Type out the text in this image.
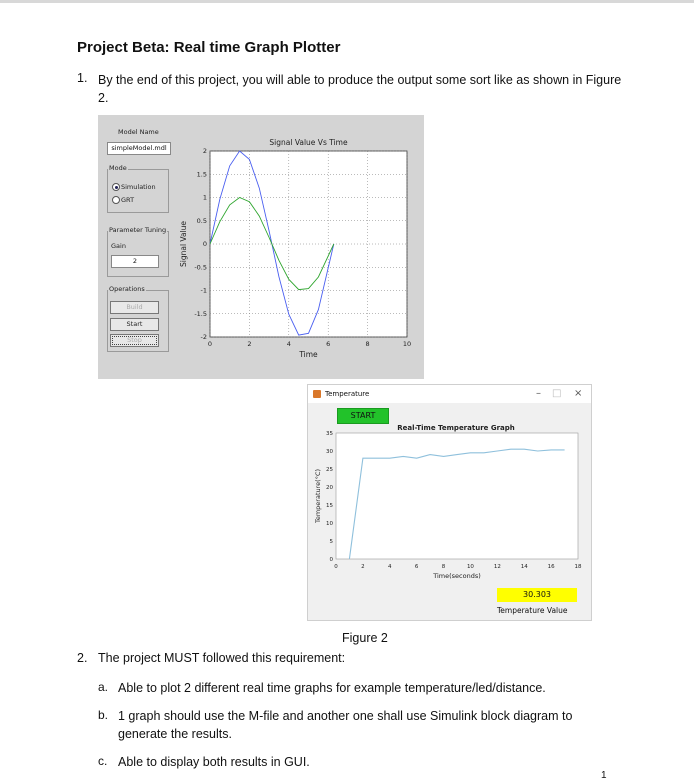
Project Beta: Real time Graph Plotter
1. By the end of this project, you will able to produce the output some sort like as shown in Figure 2.
Model Name
simpleModel.mdl
Mode
Simulation
GRT
Parameter Tuning
Gain
2
Operations
Build
Start
Stop	0	2	4	6	8	10
-2
-1.5
-1
-0.5
0
0.5
1
1.5
2
Signal Value Vs Time
Time
Signal Value
Temperature	– □ ×
START
0	2	4	6	8	10	12	14	16	18
0
5
10
15
20
25
30
35
Real-Time Temperature Graph
Time(seconds)
Temperature(°C)
30.303
Temperature Value
Figure 2
2. The project MUST followed this requirement:
a. Able to plot 2 different real time graphs for example temperature/led/distance.
b. 1 graph should use the M-file and another one shall use Simulink block diagram to generate the results.
c. Able to display both results in GUI.
1
